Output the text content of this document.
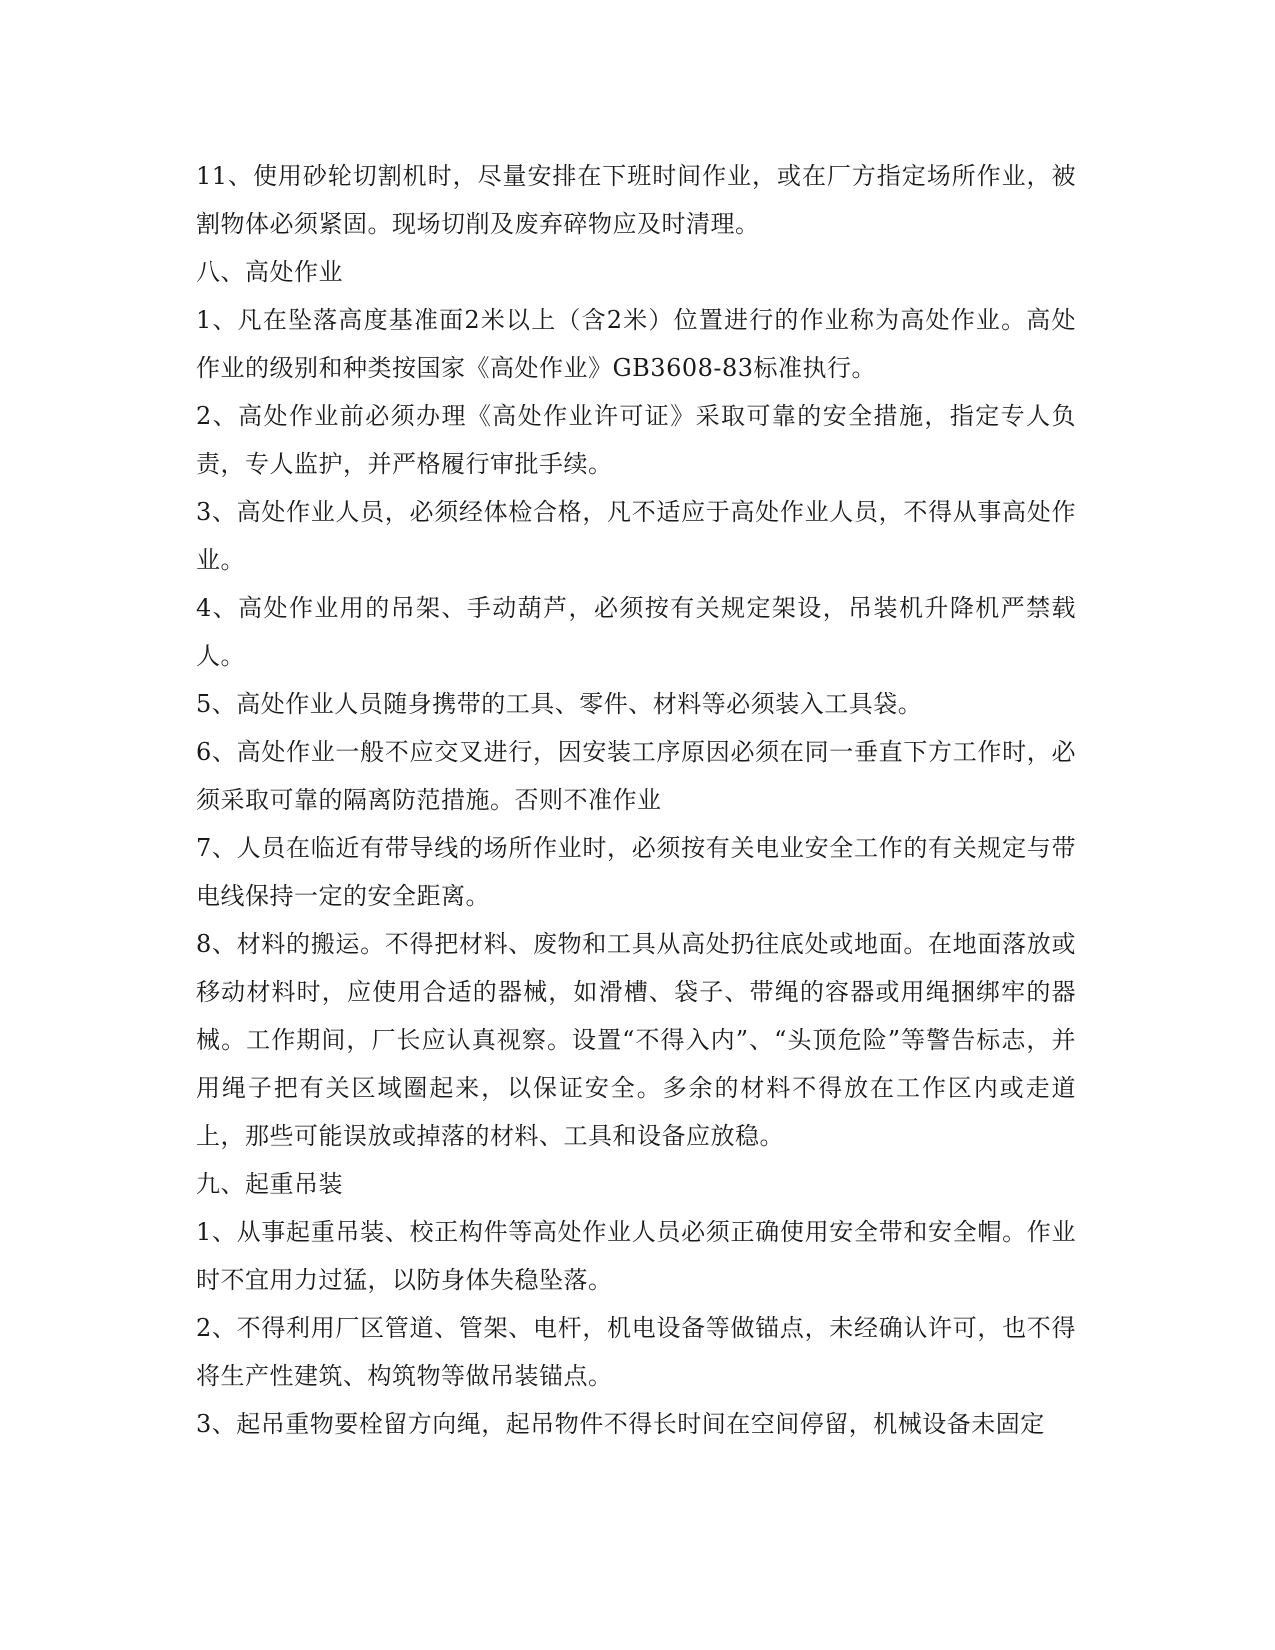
11、使用砂轮切割机时，尽量安排在下班时间作业，或在厂方指定场所作业，被割物体必须紧固。现场切削及废弃碎物应及时清理。

八、高处作业

1、凡在坠落高度基准面2米以上（含2米）位置进行的作业称为高处作业。高处作业的级别和种类按国家《高处作业》GB3608-83标准执行。

2、高处作业前必须办理《高处作业许可证》采取可靠的安全措施，指定专人负责，专人监护，并严格履行审批手续。

3、高处作业人员，必须经体检合格，凡不适应于高处作业人员，不得从事高处作业。

4、高处作业用的吊架、手动葫芦，必须按有关规定架设，吊装机升降机严禁载人。

5、高处作业人员随身携带的工具、零件、材料等必须装入工具袋。

6、高处作业一般不应交叉进行，因安装工序原因必须在同一垂直下方工作时，必须采取可靠的隔离防范措施。否则不准作业

7、人员在临近有带导线的场所作业时，必须按有关电业安全工作的有关规定与带电线保持一定的安全距离。

8、材料的搬运。不得把材料、废物和工具从高处扔往底处或地面。在地面落放或移动材料时，应使用合适的器械，如滑槽、袋子、带绳的容器或用绳捆绑牢的器械。工作期间，厂长应认真视察。设置“不得入内”、“头顶危险”等警告标志，并用绳子把有关区域圈起来，以保证安全。多余的材料不得放在工作区内或走道上，那些可能误放或掉落的材料、工具和设备应放稳。

九、起重吊装

1、从事起重吊装、校正构件等高处作业人员必须正确使用安全带和安全帽。作业时不宜用力过猛，以防身体失稳坠落。

2、不得利用厂区管道、管架、电杆，机电设备等做锚点，未经确认许可，也不得将生产性建筑、构筑物等做吊装锚点。

3、起吊重物要栓留方向绳，起吊物件不得长时间在空间停留，机械设备未固定
